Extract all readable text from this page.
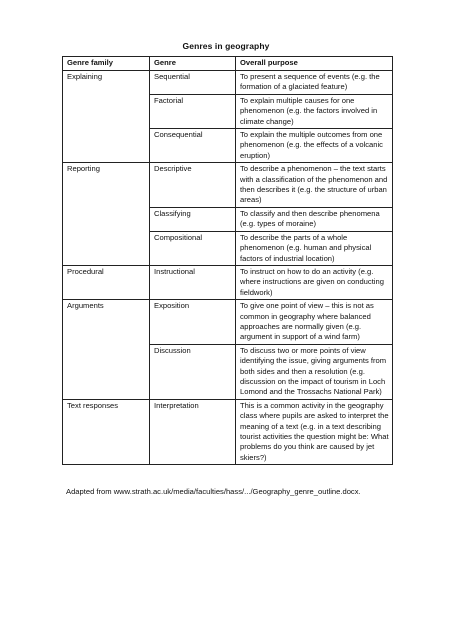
Genres in geography
Genre family	Genre	Overall purpose
Explaining	Sequential	To present a sequence of events (e.g. the formation of a glaciated feature)
	Factorial	To explain multiple causes for one phenomenon (e.g. the factors involved in climate change)
	Consequential	To explain the multiple outcomes from one phenomenon (e.g. the effects of a volcanic eruption)
Reporting	Descriptive	To describe a phenomenon – the text starts with a classification of the phenomenon and then describes it (e.g. the structure of urban areas)
	Classifying	To classify and then describe phenomena (e.g. types of moraine)
	Compositional	To describe the parts of a whole phenomenon (e.g. human and physical factors of industrial location)
Procedural	Instructional	To instruct on how to do an activity (e.g. where instructions are given on conducting fieldwork)
Arguments	Exposition	To give one point of view – this is not as common in geography where balanced approaches are normally given (e.g. argument in support of a wind farm)
	Discussion	To discuss two or more points of view identifying the issue, giving arguments from both sides and then a resolution (e.g. discussion on the impact of tourism in Loch Lomond and the Trossachs National Park)
Text responses	Interpretation	This is a common activity in the geography class where pupils are asked to interpret the meaning of a text (e.g. in a text describing tourist activities the question might be: What problems do you think are caused by jet skiers?)
Adapted from www.strath.ac.uk/media/faculties/hass/.../Geography_genre_outline.docx.
